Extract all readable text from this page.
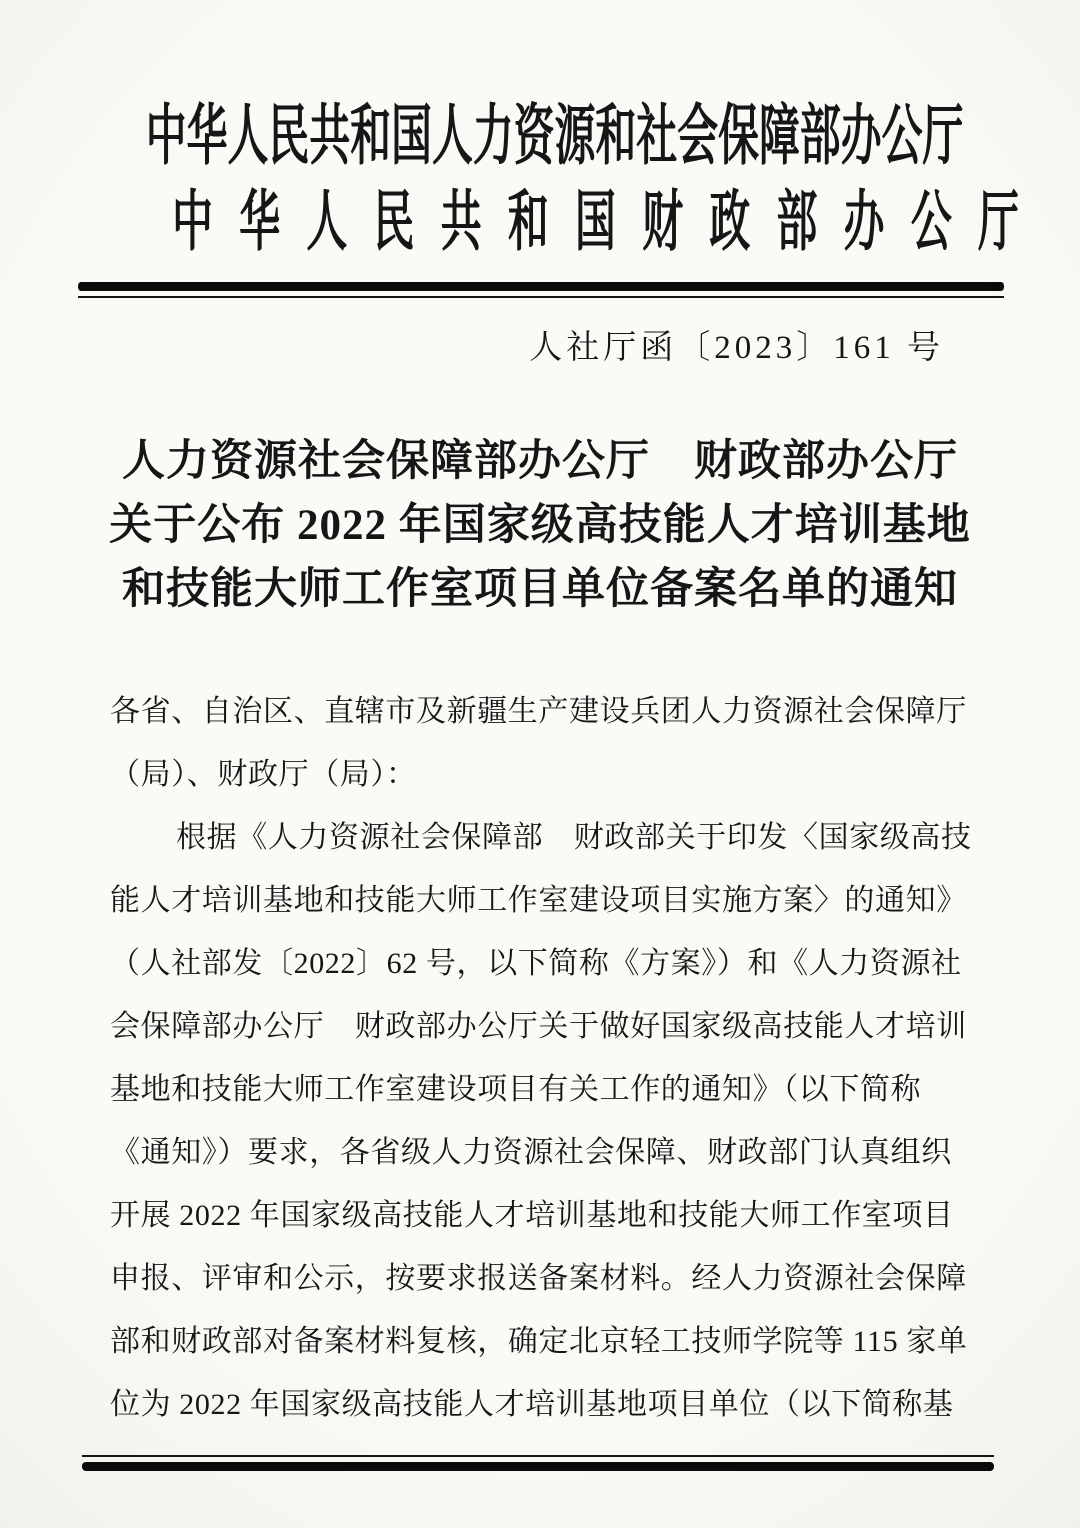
中华人民共和国人力资源和社会保障部办公厅
中华人民共和国财政部办公厅
人社厅函〔2023〕161 号
人力资源社会保障部办公厅　财政部办公厅
关于公布 2022 年国家级高技能人才培训基地
和技能大师工作室项目单位备案名单的通知
各省、自治区、直辖市及新疆生产建设兵团人力资源社会保障厅
（局）、财政厅（局）：
根据《人力资源社会保障部　财政部关于印发〈国家级高技
能人才培训基地和技能大师工作室建设项目实施方案〉的通知》
（人社部发〔2022〕62 号，以下简称《方案》）和《人力资源社
会保障部办公厅　财政部办公厅关于做好国家级高技能人才培训
基地和技能大师工作室建设项目有关工作的通知》（以下简称
《通知》）要求，各省级人力资源社会保障、财政部门认真组织
开展 2022 年国家级高技能人才培训基地和技能大师工作室项目
申报、评审和公示，按要求报送备案材料。经人力资源社会保障
部和财政部对备案材料复核，确定北京轻工技师学院等 115 家单
位为 2022 年国家级高技能人才培训基地项目单位（以下简称基
